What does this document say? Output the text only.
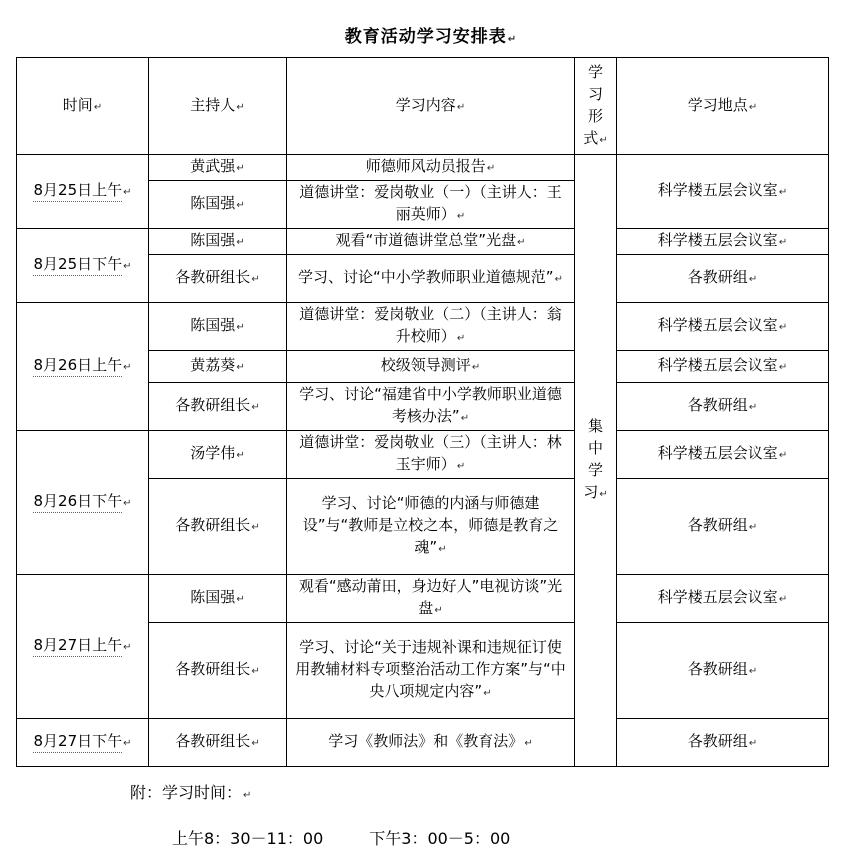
教育活动学习安排表↵
时间↵	主持人↵	学习内容↵	学习形式↵	学习地点↵
8月25日上午↵	黄武强↵	师德师风动员报告↵	集中学习↵	科学楼五层会议室↵
	陈国强↵	道德讲堂：爱岗敬业（一）（主讲人：王丽英师）↵		
8月25日下午↵	陈国强↵	观看“市道德讲堂总堂”光盘↵		科学楼五层会议室↵
	各教研组长↵	学习、讨论“中小学教师职业道德规范”↵		各教研组↵
8月26日上午↵	陈国强↵	道德讲堂：爱岗敬业（二）（主讲人：翁升校师）↵		科学楼五层会议室↵
	黄荔葵↵	校级领导测评↵		科学楼五层会议室↵
	各教研组长↵	学习、讨论“福建省中小学教师职业道德考核办法”↵		各教研组↵
8月26日下午↵	汤学伟↵	道德讲堂：爱岗敬业（三）（主讲人：林玉宇师）↵		科学楼五层会议室↵
	各教研组长↵	学习、讨论“师德的内涵与师德建设”与“教师是立校之本，师德是教育之魂”↵		各教研组↵
8月27日上午↵	陈国强↵	观看“感动莆田，身边好人”电视访谈”光盘↵		科学楼五层会议室↵
	各教研组长↵	学习、讨论“关于违规补课和违规征订使用教辅材料专项整治活动工作方案”与“中央八项规定内容”↵		各教研组↵
8月27日下午↵	各教研组长↵	学习《教师法》和《教育法》↵		各教研组↵
附：学习时间：↵
上午8：30－11：00	下午3：00－5：00
